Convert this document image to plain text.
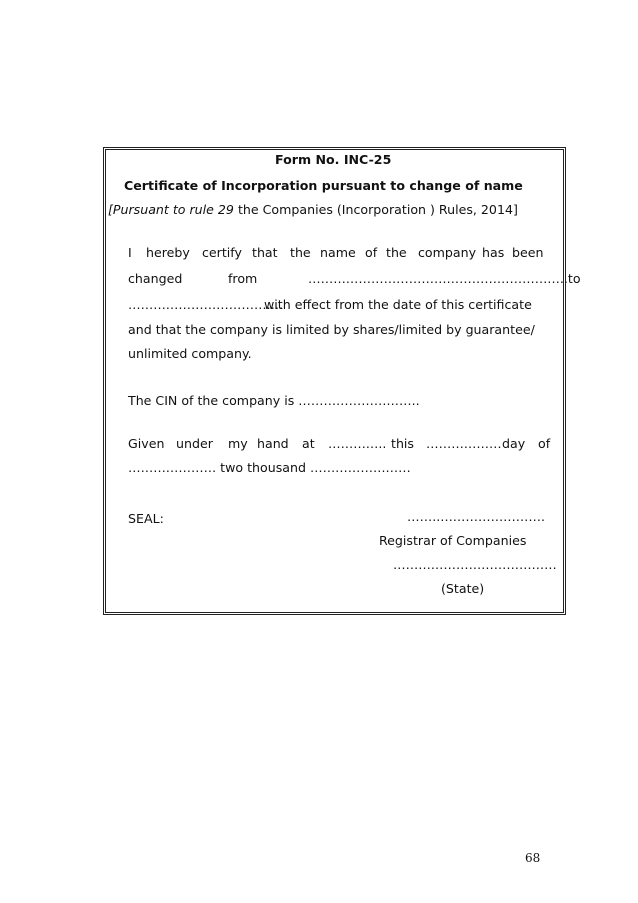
Form No. INC-25
Certificate of Incorporation pursuant to change of name
[Pursuant to rule 29 the Companies (Incorporation ) Rules, 2014]
I hereby certify that the name of the company has been
changed	from	……………………………………………………..to
……………………………….
with effect from the date of this certificate
and that the company is limited by shares/limited by guarantee/
unlimited company.
The CIN of the company is ………………………..
Given under my hand at ………….. this ……………… day of
………………… two thousand ……………………
SEAL:	……..…………………….
Registrar of Companies
…………………………………
(State)
68
